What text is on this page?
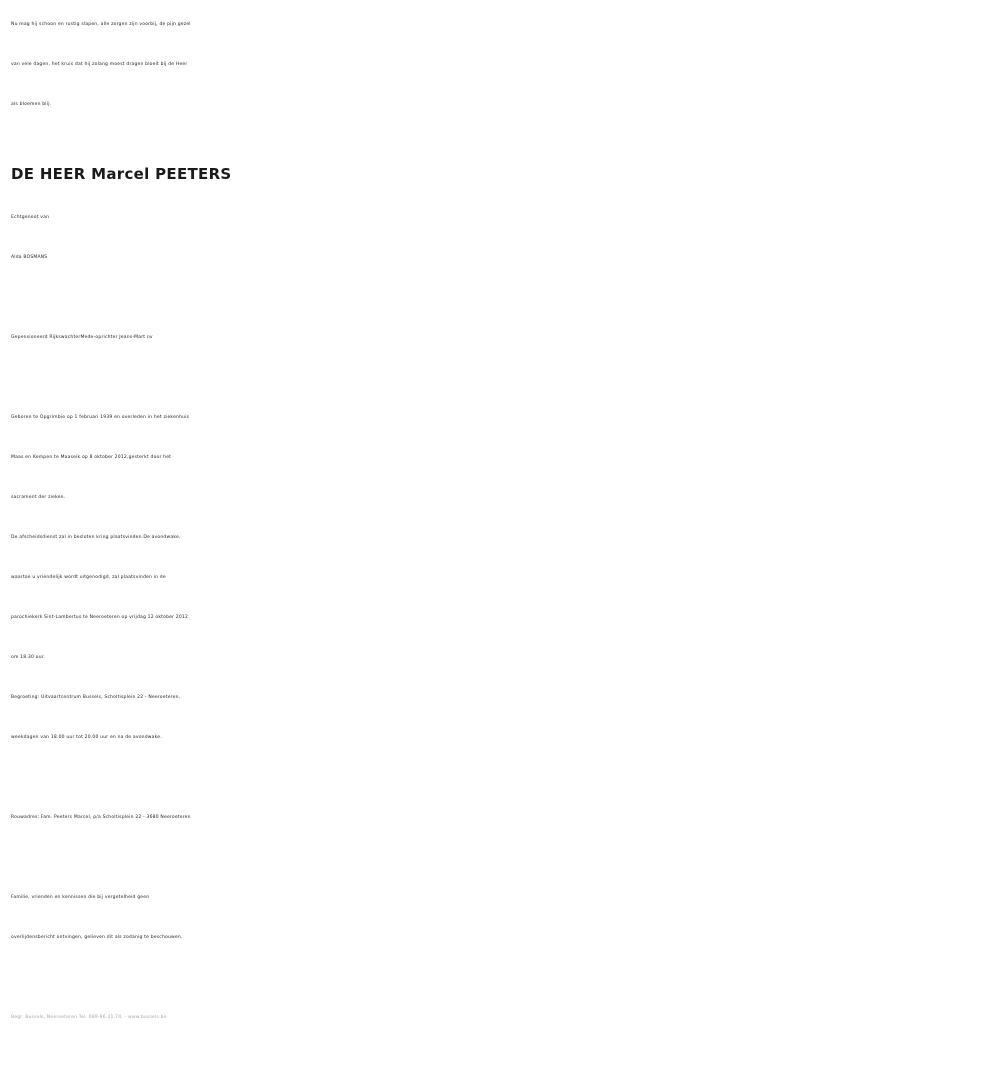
Nu mag hij schoon en rustig slapen, alle zorgen zijn voorbij, de pijn gezel
van vele dagen, het kruis dat hij zolang moest dragen bloeit bij de Heer
als bloemen blij.
DE HEER Marcel PEETERS
Echtgenoot van
Alda BOSMANS
Gepensioneerd RijkswachterMede-oprichter Jeans-Mart nv
Geboren te Opgrimbie op 1 februari 1939 en overleden in het ziekenhuis
Maas en Kempen te Maaseik op 8 oktober 2012,gesterkt door het
sacrament der zieken.
De afscheidsdienst zal in besloten kring plaatsvinden.De avondwake,
waartoe u vriendelijk wordt uitgenodigd, zal plaatsvinden in de
parochiekerk Sint-Lambertus te Neeroeteren op vrijdag 12 oktober 2012
om 18.30 uur.
Begroeting: Uitvaartcentrum Bussels, Scholtisplein 22 - Neeroeteren,
weekdagen van 18.00 uur tot 20.00 uur en na de avondwake.
Rouwadres: Fam. Peeters Marcel, p/a Scholtisplein 22 - 3680 Neeroeteren
Familie, vrienden en kennissen die bij vergetelheid geen
overlijdensbericht ontvingen, gelieven dit als zodanig te beschouwen.
Begr. Bussels, Neeroeteren Tel. 089-86.41.74. - www.bussels.be
